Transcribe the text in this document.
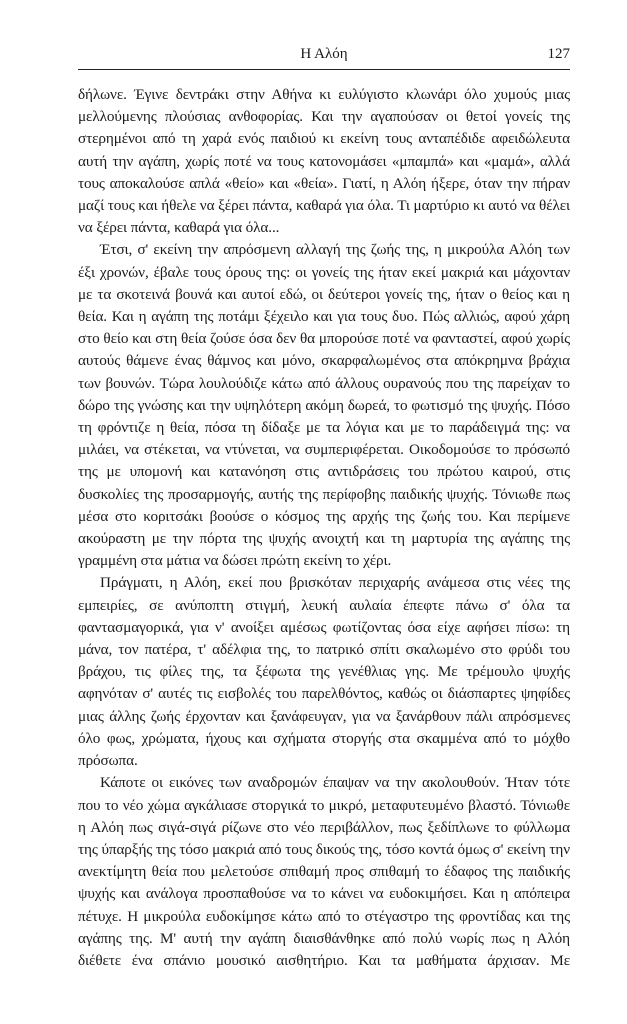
Η Αλόη	127

δήλωνε. Έγινε δεντράκι στην Αθήνα κι ευλύγιστο κλωνάρι όλο χυμούς μιας μελλούμενης πλούσιας ανθοφορίας. Και την αγαπούσαν οι θετοί γονείς της στερημένοι από τη χαρά ενός παιδιού κι εκείνη τους ανταπέδιδε αφειδώλευτα αυτή την αγάπη, χωρίς ποτέ να τους κατονομάσει «μπαμπά» και «μαμά», αλλά τους αποκαλούσε απλά «θείο» και «θεία». Γιατί, η Αλόη ήξερε, όταν την πήραν μαζί τους και ήθελε να ξέρει πάντα, καθαρά για όλα. Τι μαρτύριο κι αυτό να θέλει να ξέρει πάντα, καθαρά για όλα...

Έτσι, σ' εκείνη την απρόσμενη αλλαγή της ζωής της, η μικρούλα Αλόη των έξι χρονών, έβαλε τους όρους της: οι γονείς της ήταν εκεί μακριά και μάχονταν με τα σκοτεινά βουνά και αυτοί εδώ, οι δεύτεροι γονείς της, ήταν ο θείος και η θεία. Και η αγάπη της ποτάμι ξέχειλο και για τους δυο. Πώς αλλιώς, αφού χάρη στο θείο και στη θεία ζούσε όσα δεν θα μπορούσε ποτέ να φανταστεί, αφού χωρίς αυτούς θάμενε ένας θάμνος και μόνο, σκαρφαλωμένος στα απόκρημνα βράχια των βουνών. Τώρα λουλούδιζε κάτω από άλλους ουρανούς που της παρείχαν το δώρο της γνώσης και την υψηλότερη ακόμη δωρεά, το φωτισμό της ψυχής. Πόσο τη φρόντιζε η θεία, πόσα τη δίδαξε με τα λόγια και με το παράδειγμά της: να μιλάει, να στέκεται, να ντύνεται, να συμπεριφέρεται. Οικοδομούσε το πρόσωπό της με υπομονή και κατανόηση στις αντιδράσεις του πρώτου καιρού, στις δυσκολίες της προσαρμογής, αυτής της περίφοβης παιδικής ψυχής. Τόνιωθε πως μέσα στο κοριτσάκι βοούσε ο κόσμος της αρχής της ζωής του. Και περίμενε ακούραστη με την πόρτα της ψυχής ανοιχτή και τη μαρτυρία της αγάπης της γραμμένη στα μάτια να δώσει πρώτη εκείνη το χέρι.

Πράγματι, η Αλόη, εκεί που βρισκόταν περιχαρής ανάμεσα στις νέες της εμπειρίες, σε ανύποπτη στιγμή, λευκή αυλαία έπεφτε πάνω σ' όλα τα φαντασμαγορικά, για ν' ανοίξει αμέσως φωτίζοντας όσα είχε αφήσει πίσω: τη μάνα, τον πατέρα, τ' αδέλφια της, το πατρικό σπίτι σκαλωμένο στο φρύδι του βράχου, τις φίλες της, τα ξέφωτα της γενέθλιας γης. Με τρέμουλο ψυχής αφηνόταν σ' αυτές τις εισβολές του παρελθόντος, καθώς οι διάσπαρτες ψηφίδες μιας άλλης ζωής έρχονταν και ξανάφευγαν, για να ξανάρθουν πάλι απρόσμενες όλο φως, χρώματα, ήχους και σχήματα στοργής στα σκαμμένα από το μόχθο πρόσωπα.

Κάποτε οι εικόνες των αναδρομών έπαψαν να την ακολουθούν. Ήταν τότε που το νέο χώμα αγκάλιασε στοργικά το μικρό, μεταφυτευμένο βλαστό. Τόνιωθε η Αλόη πως σιγά-σιγά ρίζωνε στο νέο περιβάλλον, πως ξεδίπλωνε το φύλλωμα της ύπαρξής της τόσο μακριά από τους δικούς της, τόσο κοντά όμως σ' εκείνη την ανεκτίμητη θεία που μελετούσε σπιθαμή προς σπιθαμή το έδαφος της παιδικής ψυχής και ανάλογα προσπαθούσε να το κάνει να ευδοκιμήσει. Και η απόπειρα πέτυχε. Η μικρούλα ευδοκίμησε κάτω από το στέγαστρο της φροντίδας και της αγάπης της. Μ' αυτή την αγάπη διαισθάνθηκε από πολύ νωρίς πως η Αλόη διέθετε ένα σπάνιο μουσικό αισθητήριο. Και τα μαθήματα άρχισαν. Με
